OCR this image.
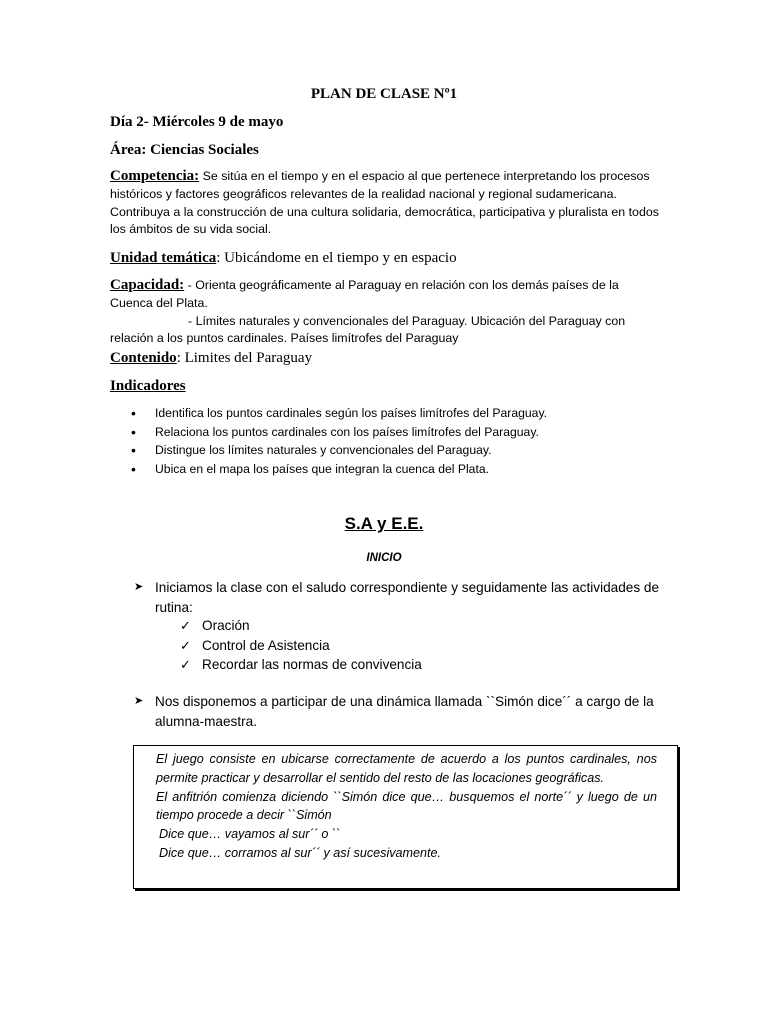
PLAN DE CLASE Nº1
Día 2- Miércoles 9 de mayo
Área: Ciencias Sociales
Competencia: Se sitúa en el tiempo y en el espacio al que pertenece interpretando los procesos históricos y factores geográficos relevantes de la realidad nacional y regional sudamericana. Contribuya a la construcción de una cultura solidaria, democrática, participativa y pluralista en todos los ámbitos de su vida social.
Unidad temática: Ubicándome en el tiempo y en espacio
Capacidad: - Orienta geográficamente al Paraguay en relación con los demás países de la Cuenca del Plata.
- Límites naturales y convencionales del Paraguay. Ubicación del Paraguay con relación a los puntos cardinales. Países limítrofes del Paraguay
Contenido: Limites del Paraguay
Indicadores
• Identifica los puntos cardinales según los países limítrofes del Paraguay.
• Relaciona los puntos cardinales con los países limítrofes del Paraguay.
• Distingue los límites naturales y convencionales del Paraguay.
• Ubica en el mapa los países que integran la cuenca del Plata.
S.A y E.E.
INICIO
➤ Iniciamos la clase con el saludo correspondiente y seguidamente las actividades de rutina:
✓ Oración
✓ Control de Asistencia
✓ Recordar las normas de convivencia
➤ Nos disponemos a participar de una dinámica llamada ``Simón dice´´ a cargo de la alumna-maestra.

El juego consiste en ubicarse correctamente de acuerdo a los puntos cardinales, nos permite practicar y desarrollar el sentido del resto de las locaciones geográficas.

El anfitrión comienza diciendo ``Simón dice que… busquemos el norte´´ y luego de un tiempo procede a decir ``Simón

Dice que… vayamos al sur´´ o ``

Dice que… corramos al sur´´ y así sucesivamente.
